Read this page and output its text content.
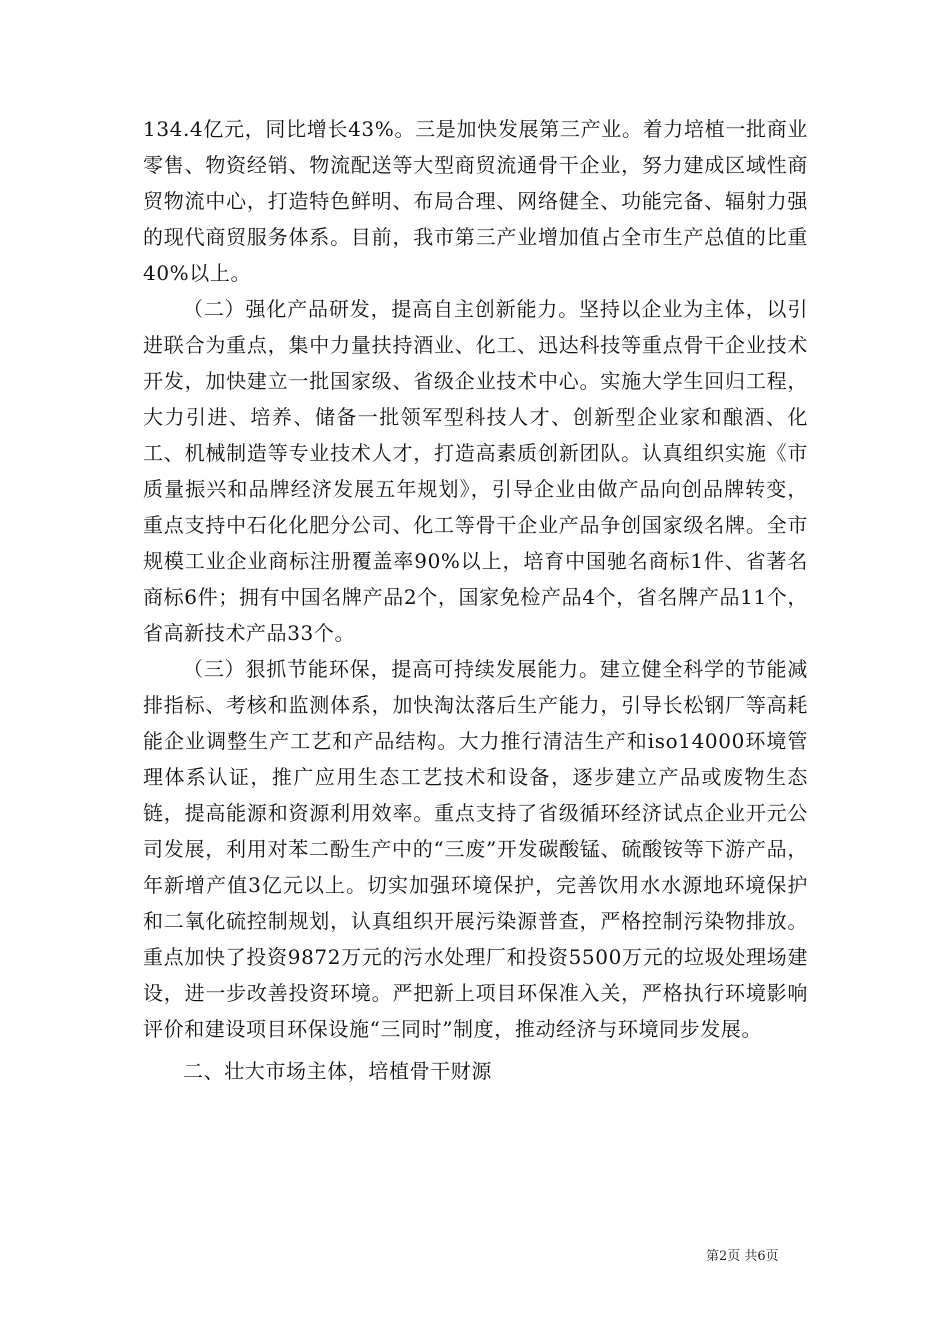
134.4亿元，同比增长43%。三是加快发展第三产业。着力培植一批商业零售、物资经销、物流配送等大型商贸流通骨干企业，努力建成区域性商贸物流中心，打造特色鲜明、布局合理、网络健全、功能完备、辐射力强的现代商贸服务体系。目前，我市第三产业增加值占全市生产总值的比重40%以上。

（二）强化产品研发，提高自主创新能力。坚持以企业为主体，以引进联合为重点，集中力量扶持酒业、化工、迅达科技等重点骨干企业技术开发，加快建立一批国家级、省级企业技术中心。实施大学生回归工程，大力引进、培养、储备一批领军型科技人才、创新型企业家和酿酒、化工、机械制造等专业技术人才，打造高素质创新团队。认真组织实施《市质量振兴和品牌经济发展五年规划》，引导企业由做产品向创品牌转变，重点支持中石化化肥分公司、化工等骨干企业产品争创国家级名牌。全市规模工业企业商标注册覆盖率90%以上，培育中国驰名商标1件、省著名商标6件；拥有中国名牌产品2个，国家免检产品4个，省名牌产品11个，省高新技术产品33个。

（三）狠抓节能环保，提高可持续发展能力。建立健全科学的节能减排指标、考核和监测体系，加快淘汰落后生产能力，引导长松钢厂等高耗能企业调整生产工艺和产品结构。大力推行清洁生产和iso14000环境管理体系认证，推广应用生态工艺技术和设备，逐步建立产品或废物生态链，提高能源和资源利用效率。重点支持了省级循环经济试点企业开元公司发展，利用对苯二酚生产中的“三废”开发碳酸锰、硫酸铵等下游产品，年新增产值3亿元以上。切实加强环境保护，完善饮用水水源地环境保护和二氧化硫控制规划，认真组织开展污染源普查，严格控制污染物排放。重点加快了投资9872万元的污水处理厂和投资5500万元的垃圾处理场建设，进一步改善投资环境。严把新上项目环保准入关，严格执行环境影响评价和建设项目环保设施“三同时”制度，推动经济与环境同步发展。

二、壮大市场主体，培植骨干财源

第2页 共6页
